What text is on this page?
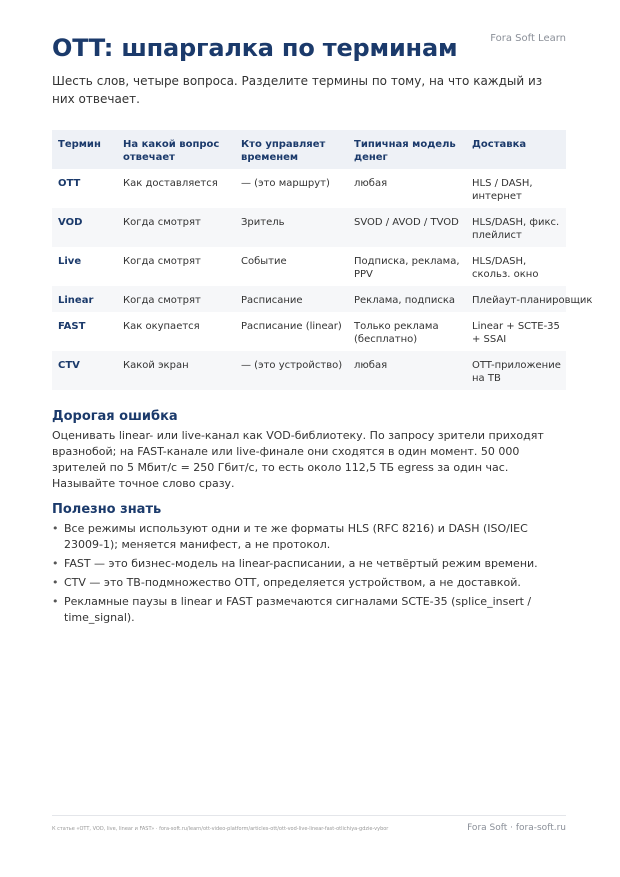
Fora Soft Learn
OTT: шпаргалка по терминам

Шесть слов, четыре вопроса. Разделите термины по тому, на что каждый из них отвечает.

Термин	На какой вопрос отвечает	Кто управляет временем	Типичная модель денег	Доставка
OTT	Как доставляется	— (это маршрут)	любая	HLS / DASH, интернет
VOD	Когда смотрят	Зритель	SVOD / AVOD / TVOD	HLS/DASH, фикс. плейлист
Live	Когда смотрят	Событие	Подписка, реклама, PPV	HLS/DASH, скольз. окно
Linear	Когда смотрят	Расписание	Реклама, подписка	Плейаут-планировщик
FAST	Как окупается	Расписание (linear)	Только реклама (бесплатно)	Linear + SCTE-35 + SSAI
CTV	Какой экран	— (это устройство)	любая	OTT-приложение на ТВ
Дорогая ошибка

Оценивать linear- или live-канал как VOD-библиотеку. По запросу зрители приходят вразнобой; на FAST-канале или live-финале они сходятся в один момент. 50 000 зрителей по 5 Мбит/с = 250 Гбит/с, то есть около 112,5 ТБ egress за один час. Называйте точное слово сразу.

Полезно знать
• Все режимы используют одни и те же форматы HLS (RFC 8216) и DASH (ISO/IEC 23009-1); меняется манифест, а не протокол.
• FAST — это бизнес-модель на linear-расписании, а не четвёртый режим времени.
• CTV — это ТВ-подмножество OTT, определяется устройством, а не доставкой.
• Рекламные паузы в linear и FAST размечаются сигналами SCTE-35 (splice_insert / time_signal).
К статье «OTT, VOD, live, linear и FAST» · fora-soft.ru/learn/ott-video-platform/articles-ott/ott-vod-live-linear-fast-otlichiya-gdzie-vybor	Fora Soft · fora-soft.ru
